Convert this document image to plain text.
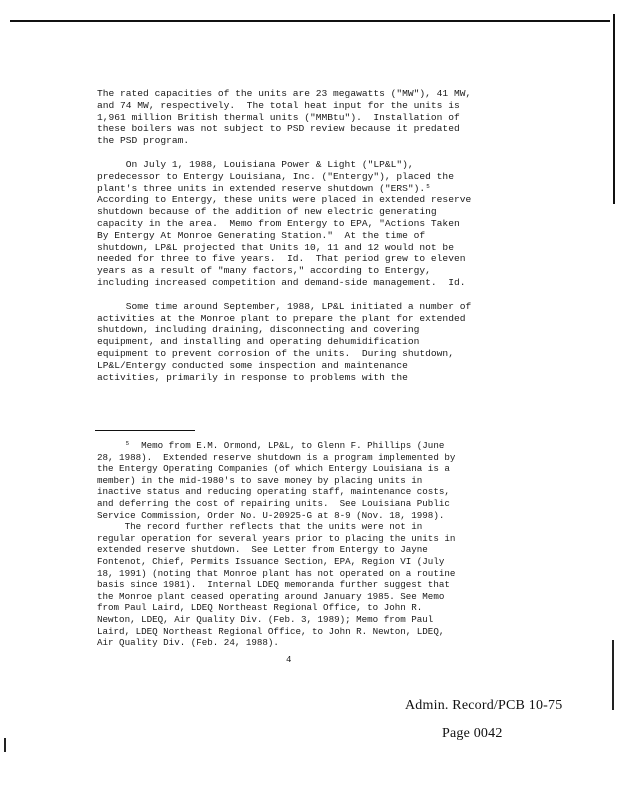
The rated capacities of the units are 23 megawatts ("MW"), 41 MW,
and 74 MW, respectively.  The total heat input for the units is
1,961 million British thermal units ("MMBtu").  Installation of
these boilers was not subject to PSD review because it predated
the PSD program.
On July 1, 1988, Louisiana Power & Light ("LP&L"),
predecessor to Entergy Louisiana, Inc. ("Entergy"), placed the
plant's three units in extended reserve shutdown ("ERS").⁵
According to Entergy, these units were placed in extended reserve
shutdown because of the addition of new electric generating
capacity in the area.  Memo from Entergy to EPA, "Actions Taken
By Entergy At Monroe Generating Station."  At the time of
shutdown, LP&L projected that Units 10, 11 and 12 would not be
needed for three to five years.  Id.  That period grew to eleven
years as a result of "many factors," according to Entergy,
including increased competition and demand-side management.  Id.
Some time around September, 1988, LP&L initiated a number of
activities at the Monroe plant to prepare the plant for extended
shutdown, including draining, disconnecting and covering
equipment, and installing and operating dehumidification
equipment to prevent corrosion of the units.  During shutdown,
LP&L/Entergy conducted some inspection and maintenance
activities, primarily in response to problems with the
⁵  Memo from E.M. Ormond, LP&L, to Glenn F. Phillips (June
28, 1988).  Extended reserve shutdown is a program implemented by
the Entergy Operating Companies (of which Entergy Louisiana is a
member) in the mid-1980's to save money by placing units in
inactive status and reducing operating staff, maintenance costs,
and deferring the cost of repairing units.  See Louisiana Public
Service Commission, Order No. U-20925-G at 8-9 (Nov. 18, 1998).
The record further reflects that the units were not in
regular operation for several years prior to placing the units in
extended reserve shutdown.  See Letter from Entergy to Jayne
Fontenot, Chief, Permits Issuance Section, EPA, Region VI (July
18, 1991) (noting that Monroe plant has not operated on a routine
basis since 1981).  Internal LDEQ memoranda further suggest that
the Monroe plant ceased operating around January 1985. See Memo
from Paul Laird, LDEQ Northeast Regional Office, to John R.
Newton, LDEQ, Air Quality Div. (Feb. 3, 1989); Memo from Paul
Laird, LDEQ Northeast Regional Office, to John R. Newton, LDEQ,
Air Quality Div. (Feb. 24, 1988).
4
Admin. Record/PCB 10-75
Page 0042
